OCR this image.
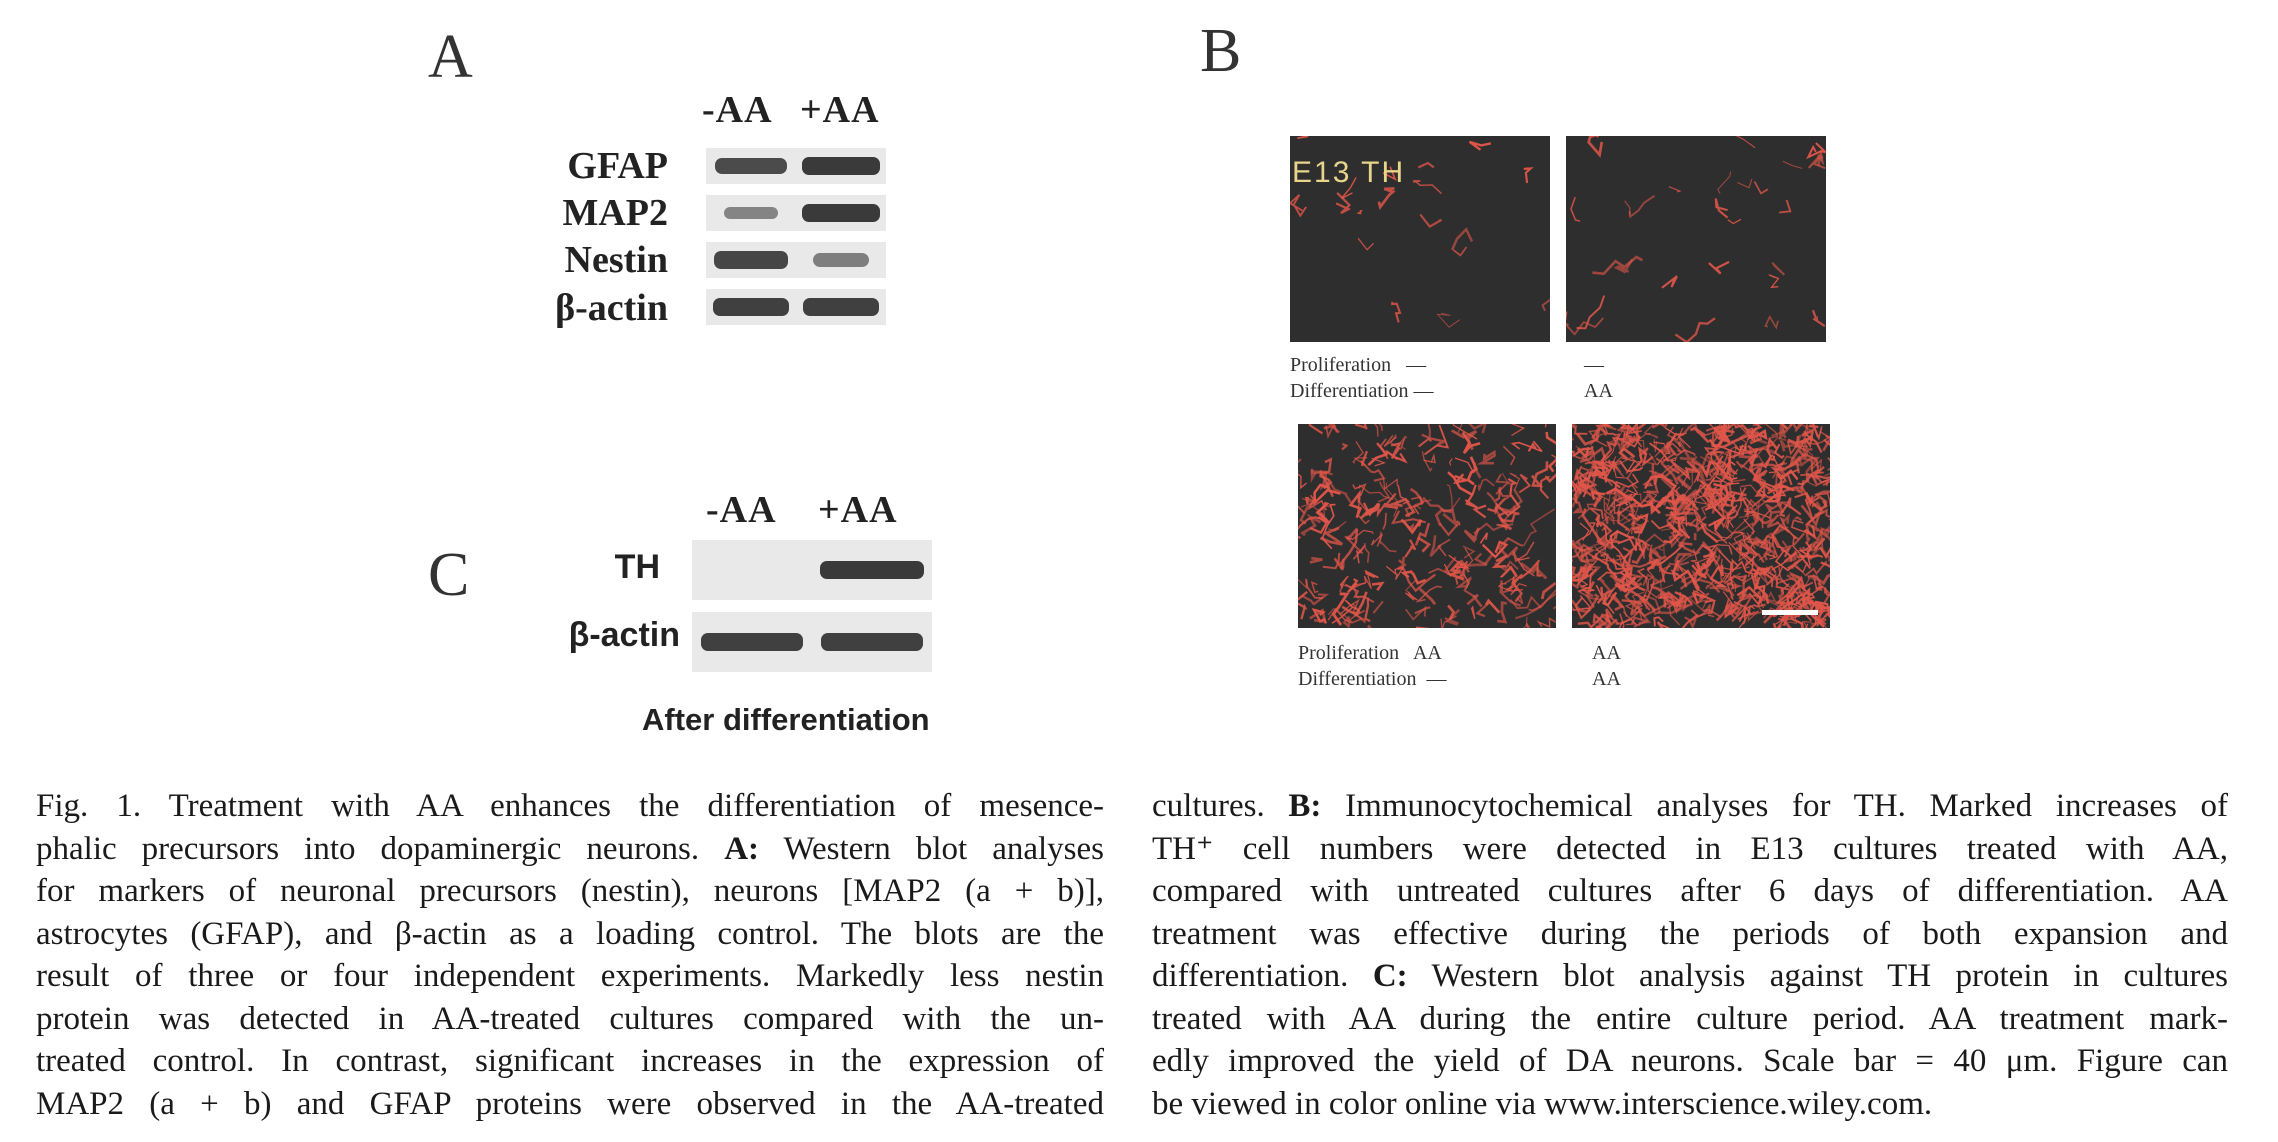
A
-AA +AA
GFAP
MAP2
Nestin
β-actin
C
-AA +AA
TH
β-actin
After differentiation
B
E13 TH
Proliferation   —
Differentiation —
—
AA
Proliferation   AA
Differentiation  —
AA
AA

Fig. 1. Treatment with AA enhances the differentiation of mesence-

phalic precursors into dopaminergic neurons. A: Western blot analyses

for markers of neuronal precursors (nestin), neurons [MAP2 (a + b)],

astrocytes (GFAP), and β-actin as a loading control. The blots are the

result of three or four independent experiments. Markedly less nestin

protein was detected in AA-treated cultures compared with the un-

treated control. In contrast, significant increases in the expression of

MAP2 (a + b) and GFAP proteins were observed in the AA-treated

cultures. B: Immunocytochemical analyses for TH. Marked increases of

TH⁺ cell numbers were detected in E13 cultures treated with AA,

compared with untreated cultures after 6 days of differentiation. AA

treatment was effective during the periods of both expansion and

differentiation. C: Western blot analysis against TH protein in cultures

treated with AA during the entire culture period. AA treatment mark-

edly improved the yield of DA neurons. Scale bar = 40 μm. Figure can

be viewed in color online via www.interscience.wiley.com.
